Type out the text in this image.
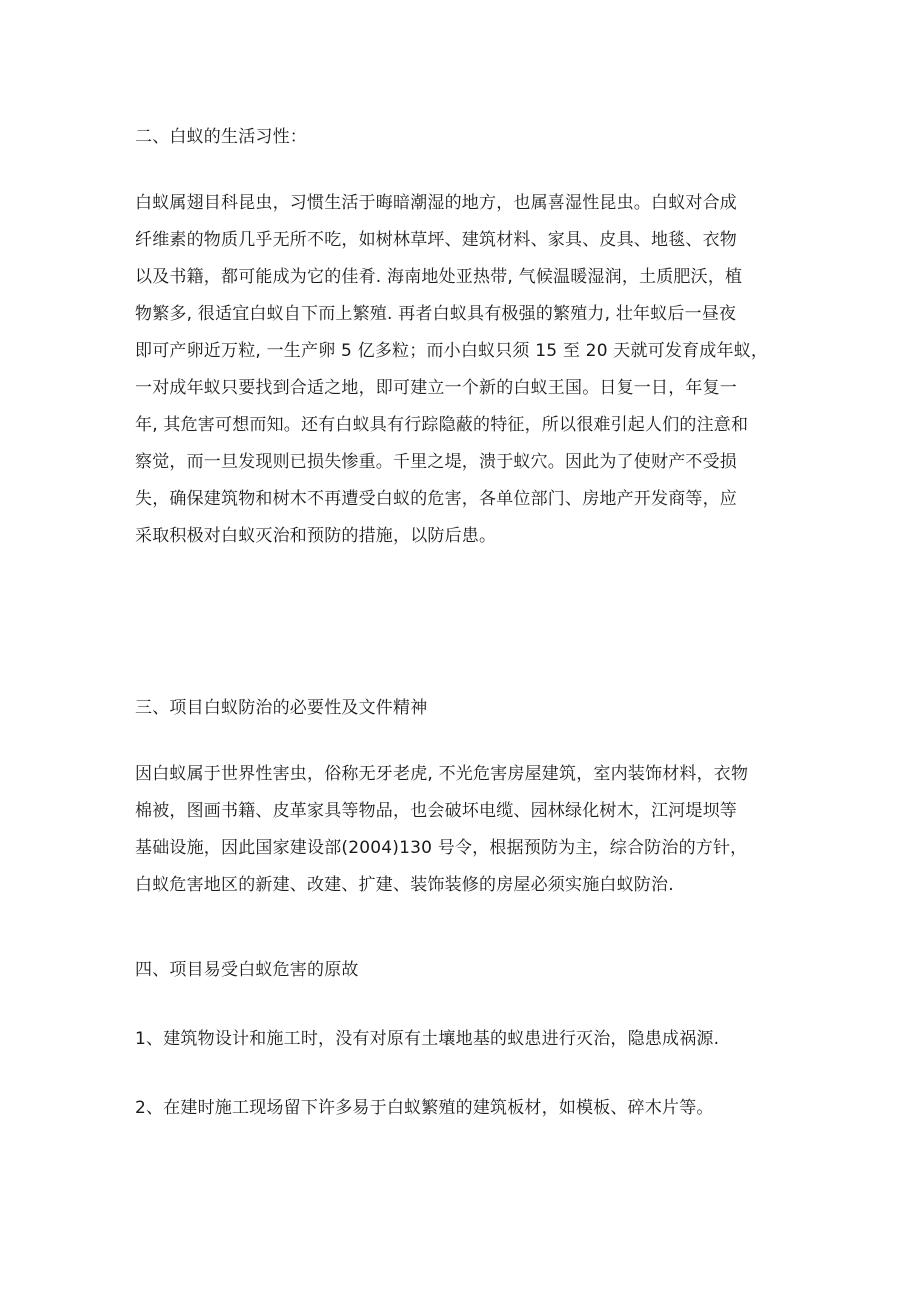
二、白蚁的生活习性：
白蚁属翅目科昆虫，习惯生活于晦暗潮湿的地方，也属喜湿性昆虫。白蚁对合成
纤维素的物质几乎无所不吃，如树林草坪、建筑材料、家具、皮具、地毯、衣物
以及书籍，都可能成为它的佳肴. 海南地处亚热带, 气候温暖湿润，土质肥沃，植
物繁多, 很适宜白蚁自下而上繁殖. 再者白蚁具有极强的繁殖力, 壮年蚁后一昼夜
即可产卵近万粒, 一生产卵 5 亿多粒；而小白蚁只须 15 至 20 天就可发育成年蚁，
一对成年蚁只要找到合适之地，即可建立一个新的白蚁王国。日复一日，年复一
年, 其危害可想而知。还有白蚁具有行踪隐蔽的特征，所以很难引起人们的注意和
察觉，而一旦发现则已损失惨重。千里之堤，溃于蚁穴。因此为了使财产不受损
失，确保建筑物和树木不再遭受白蚁的危害，各单位部门、房地产开发商等，应
采取积极对白蚁灭治和预防的措施，以防后患。
三、项目白蚁防治的必要性及文件精神
因白蚁属于世界性害虫，俗称无牙老虎, 不光危害房屋建筑，室内装饰材料，衣物
棉被，图画书籍、皮革家具等物品，也会破坏电缆、园林绿化树木，江河堤坝等
基础设施，因此国家建设部(2004)130 号令，根据预防为主，综合防治的方针，
白蚁危害地区的新建、改建、扩建、装饰装修的房屋必须实施白蚁防治.
四、项目易受白蚁危害的原故
1、建筑物设计和施工时，没有对原有土壤地基的蚁患进行灭治，隐患成祸源.
2、在建时施工现场留下许多易于白蚁繁殖的建筑板材，如模板、碎木片等。
